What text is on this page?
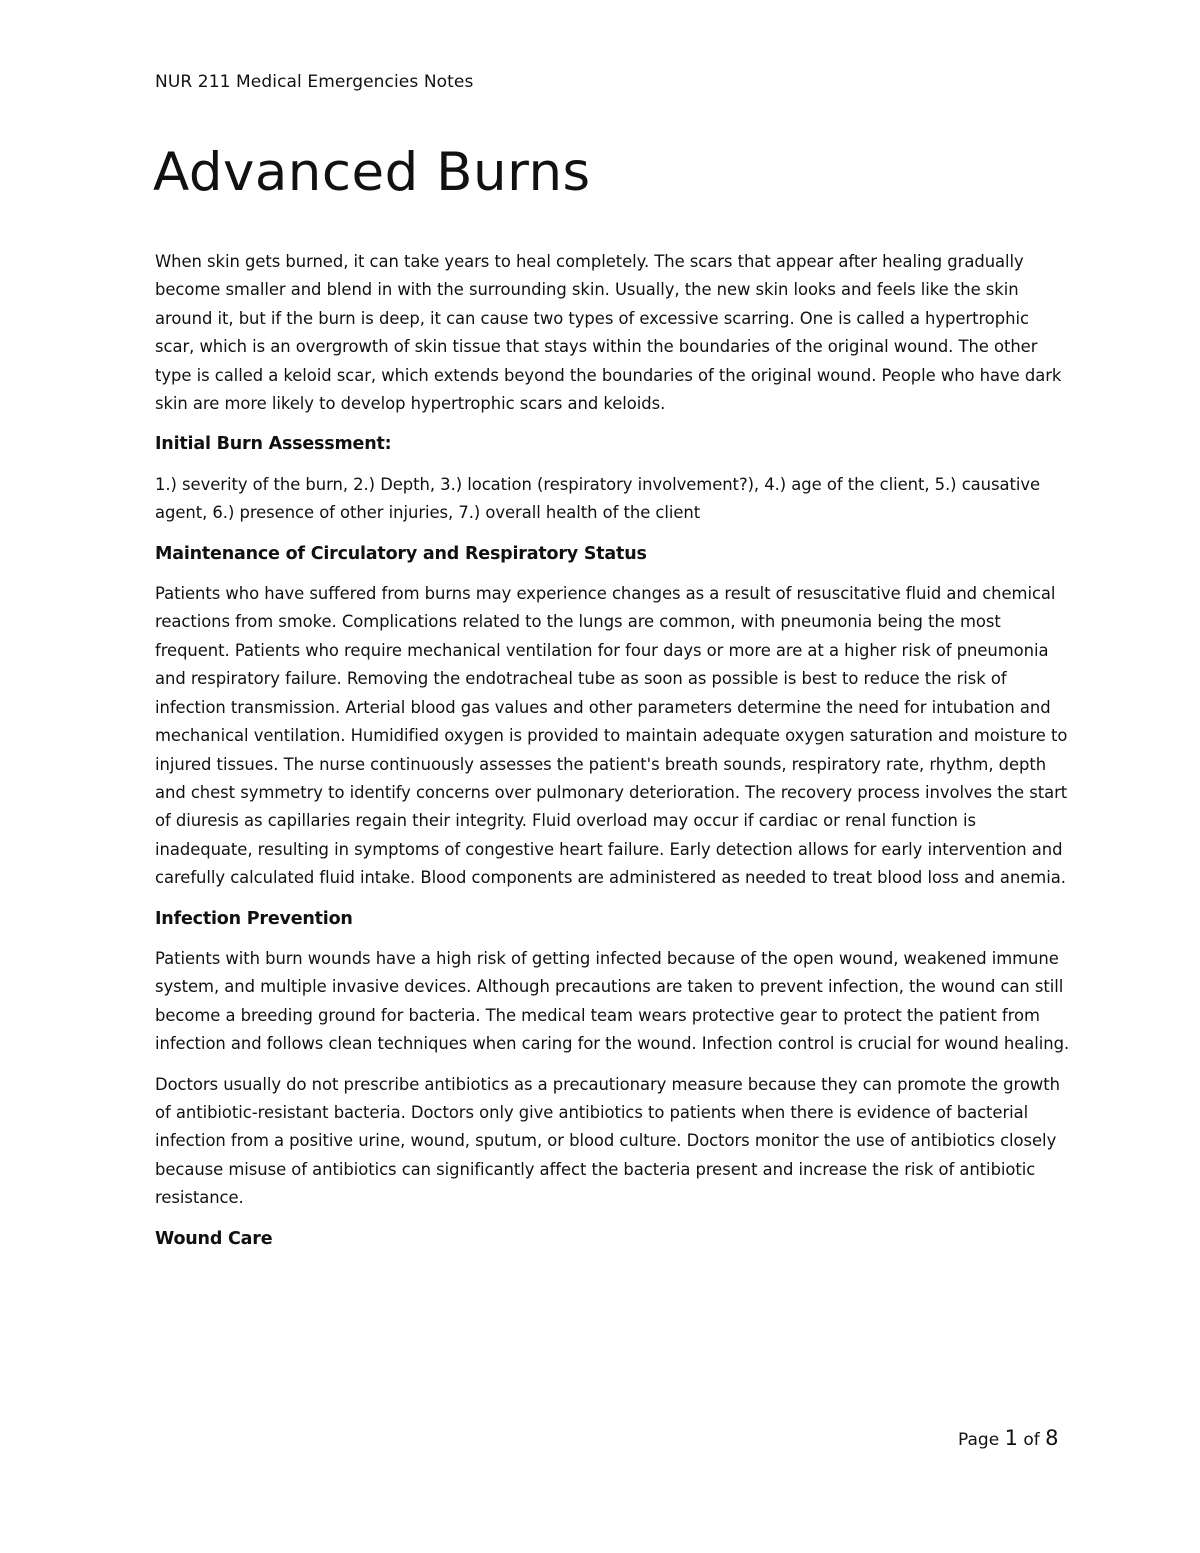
NUR 211 Medical Emergencies Notes
Advanced Burns

When skin gets burned, it can take years to heal completely. The scars that appear after healing gradually become smaller and blend in with the surrounding skin. Usually, the new skin looks and feels like the skin around it, but if the burn is deep, it can cause two types of excessive scarring. One is called a hypertrophic scar, which is an overgrowth of skin tissue that stays within the boundaries of the original wound. The other type is called a keloid scar, which extends beyond the boundaries of the original wound. People who have dark skin are more likely to develop hypertrophic scars and keloids.

Initial Burn Assessment:

1.) severity of the burn, 2.) Depth, 3.) location (respiratory involvement?), 4.) age of the client, 5.) causative agent, 6.) presence of other injuries, 7.) overall health of the client

Maintenance of Circulatory and Respiratory Status

Patients who have suffered from burns may experience changes as a result of resuscitative fluid and chemical reactions from smoke. Complications related to the lungs are common, with pneumonia being the most frequent. Patients who require mechanical ventilation for four days or more are at a higher risk of pneumonia and respiratory failure. Removing the endotracheal tube as soon as possible is best to reduce the risk of infection transmission. Arterial blood gas values and other parameters determine the need for intubation and mechanical ventilation. Humidified oxygen is provided to maintain adequate oxygen saturation and moisture to injured tissues. The nurse continuously assesses the patient's breath sounds, respiratory rate, rhythm, depth and chest symmetry to identify concerns over pulmonary deterioration. The recovery process involves the start of diuresis as capillaries regain their integrity. Fluid overload may occur if cardiac or renal function is inadequate, resulting in symptoms of congestive heart failure. Early detection allows for early intervention and carefully calculated fluid intake. Blood components are administered as needed to treat blood loss and anemia.

Infection Prevention

Patients with burn wounds have a high risk of getting infected because of the open wound, weakened immune system, and multiple invasive devices. Although precautions are taken to prevent infection, the wound can still become a breeding ground for bacteria. The medical team wears protective gear to protect the patient from infection and follows clean techniques when caring for the wound. Infection control is crucial for wound healing.

Doctors usually do not prescribe antibiotics as a precautionary measure because they can promote the growth of antibiotic-resistant bacteria. Doctors only give antibiotics to patients when there is evidence of bacterial infection from a positive urine, wound, sputum, or blood culture. Doctors monitor the use of antibiotics closely because misuse of antibiotics can significantly affect the bacteria present and increase the risk of antibiotic resistance.

Wound Care

Page 1 of 8
